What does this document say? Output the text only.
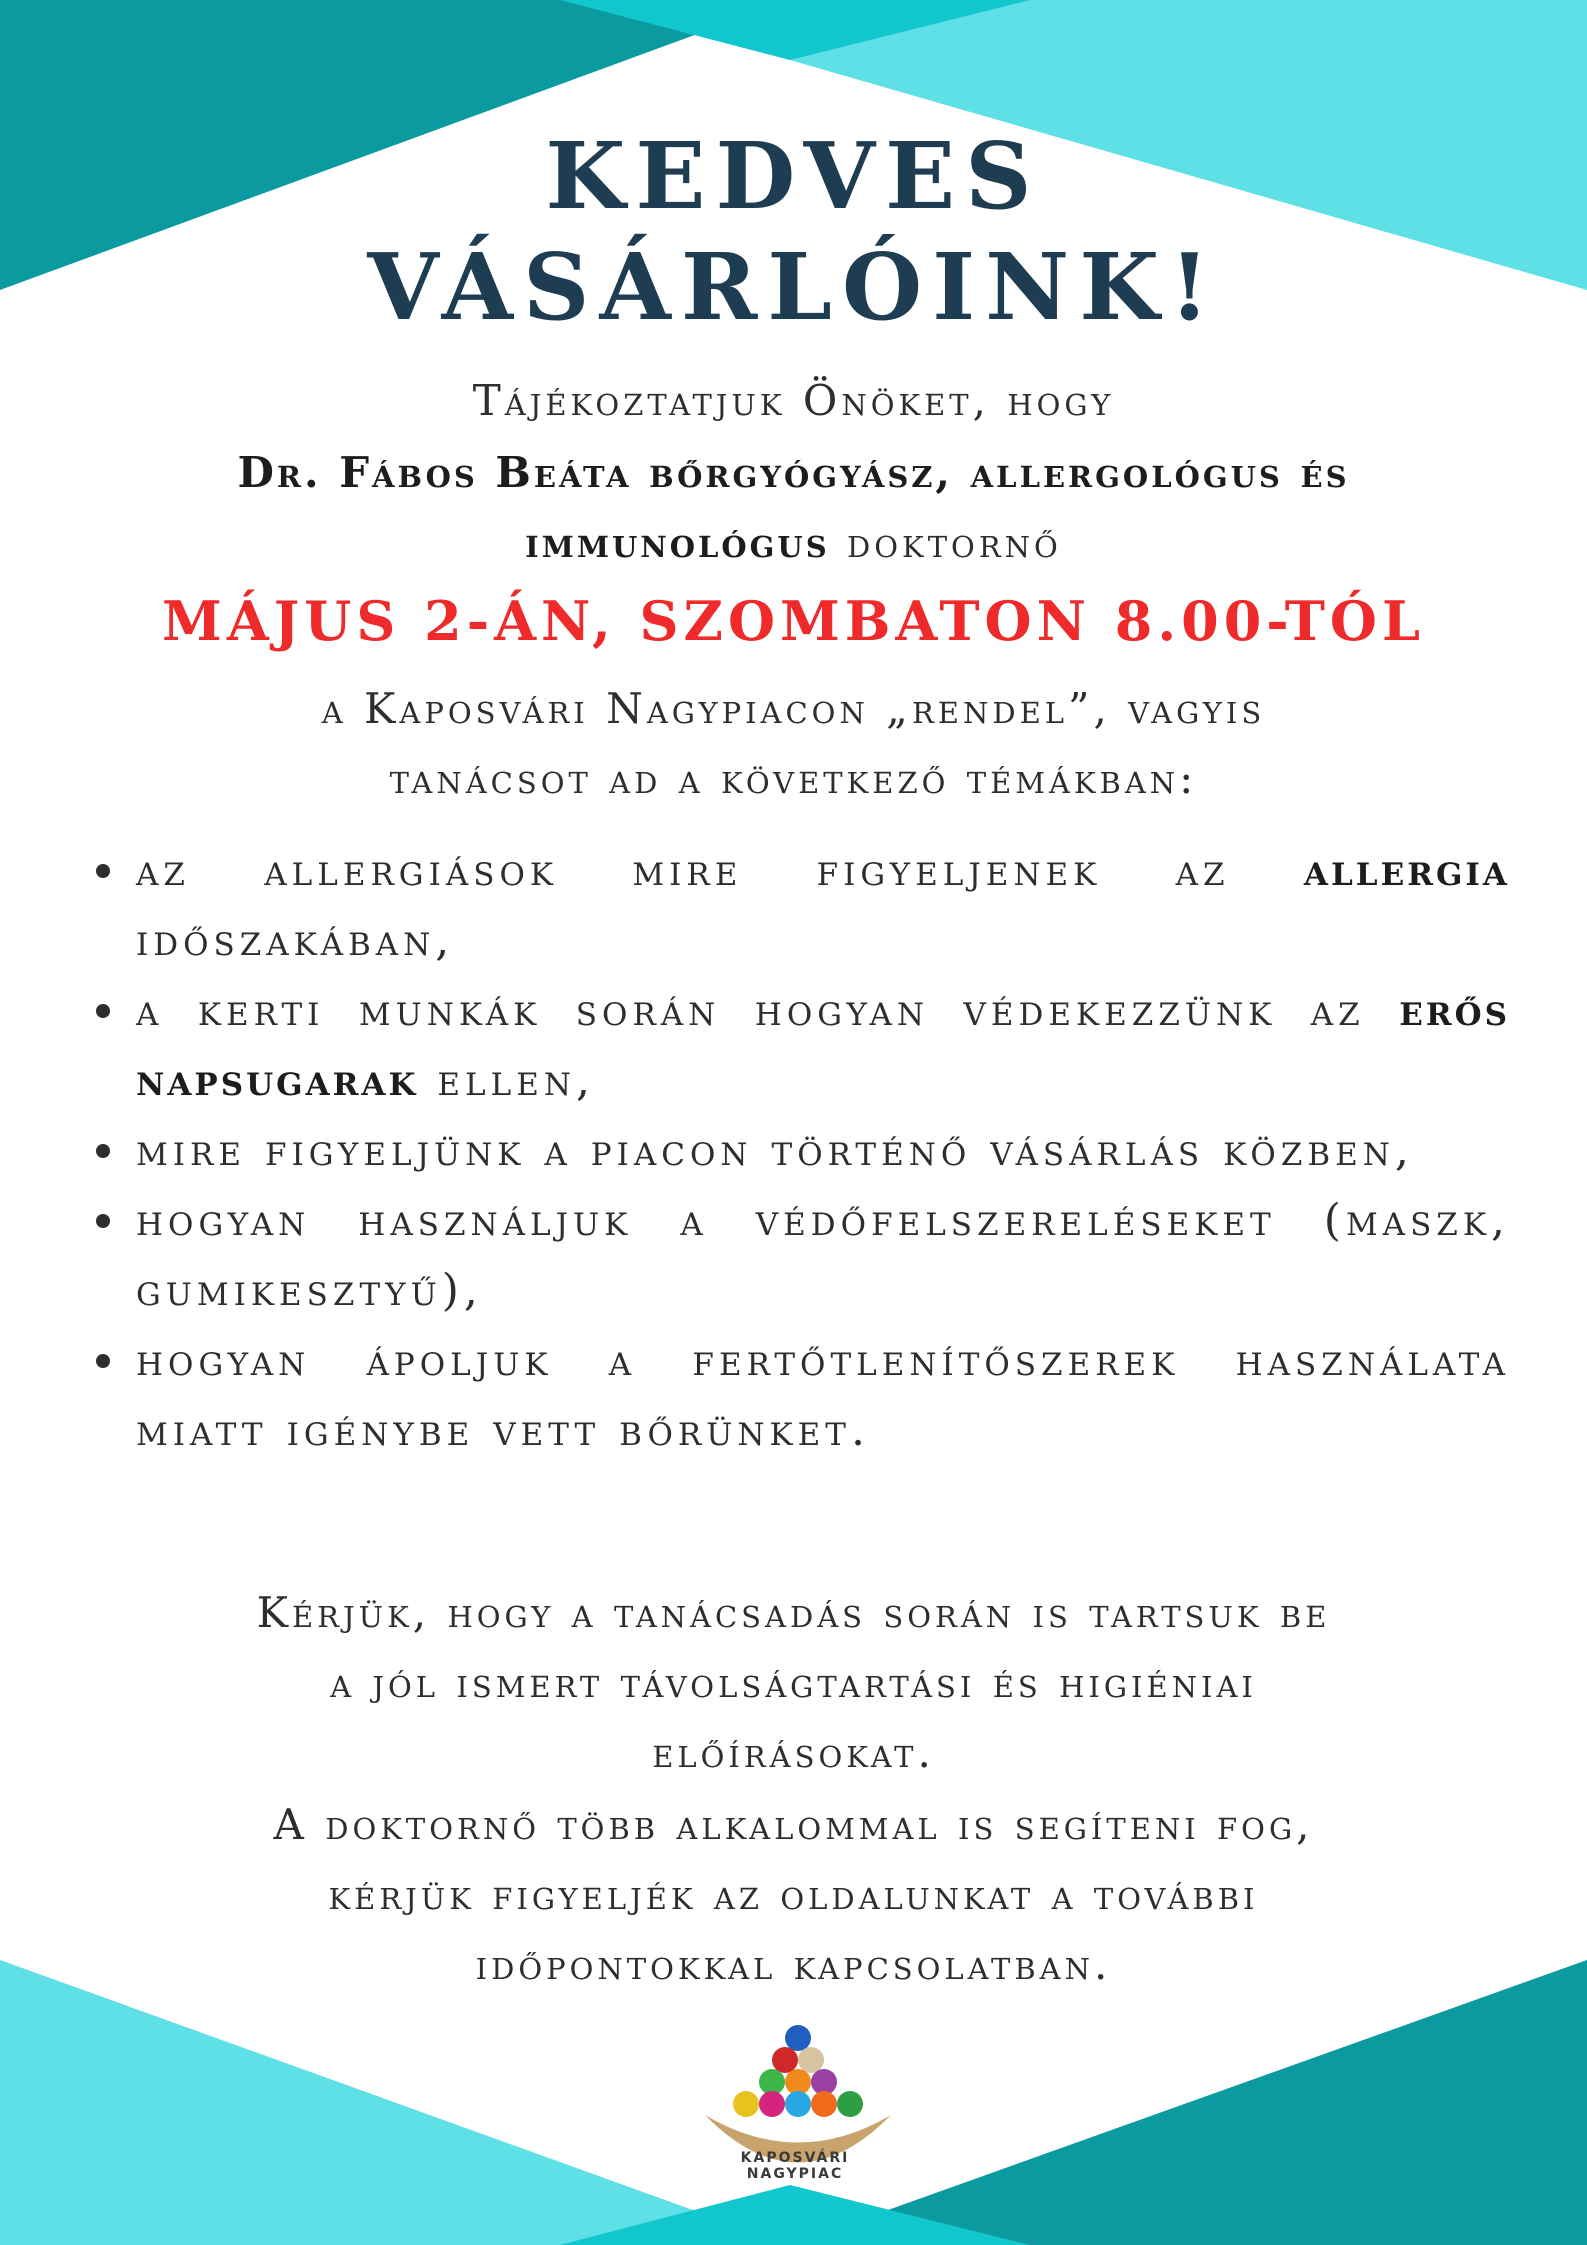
KEDVES
VÁSÁRLÓINK!

Tájékoztatjuk Önöket, hogy

Dr. Fábos Beáta bőrgyógyász, allergológus és

immunológus doktornő

MÁJUS 2-ÁN, SZOMBATON 8.00-TÓL

a Kaposvári Nagypiacon „rendel”, vagyis

tanácsot ad a következő témákban:

az allergiások mire figyeljenek az allergia időszakában,
a kerti munkák során hogyan védekezzünk az erős napsugarak ellen,
mire figyeljünk a piacon történő vásárlás közben,
hogyan használjuk a védőfelszereléseket (maszk, gumikesztyű),
hogyan ápoljuk a fertőtlenítőszerek használata miatt igénybe vett bőrünket.

Kérjük, hogy a tanácsadás során is tartsuk be

a jól ismert távolságtartási és higiéniai

előírásokat.

A doktornő több alkalommal is segíteni fog,

kérjük figyeljék az oldalunkat a további

időpontokkal kapcsolatban.

KAPOSVÁRI NAGYPIAC
